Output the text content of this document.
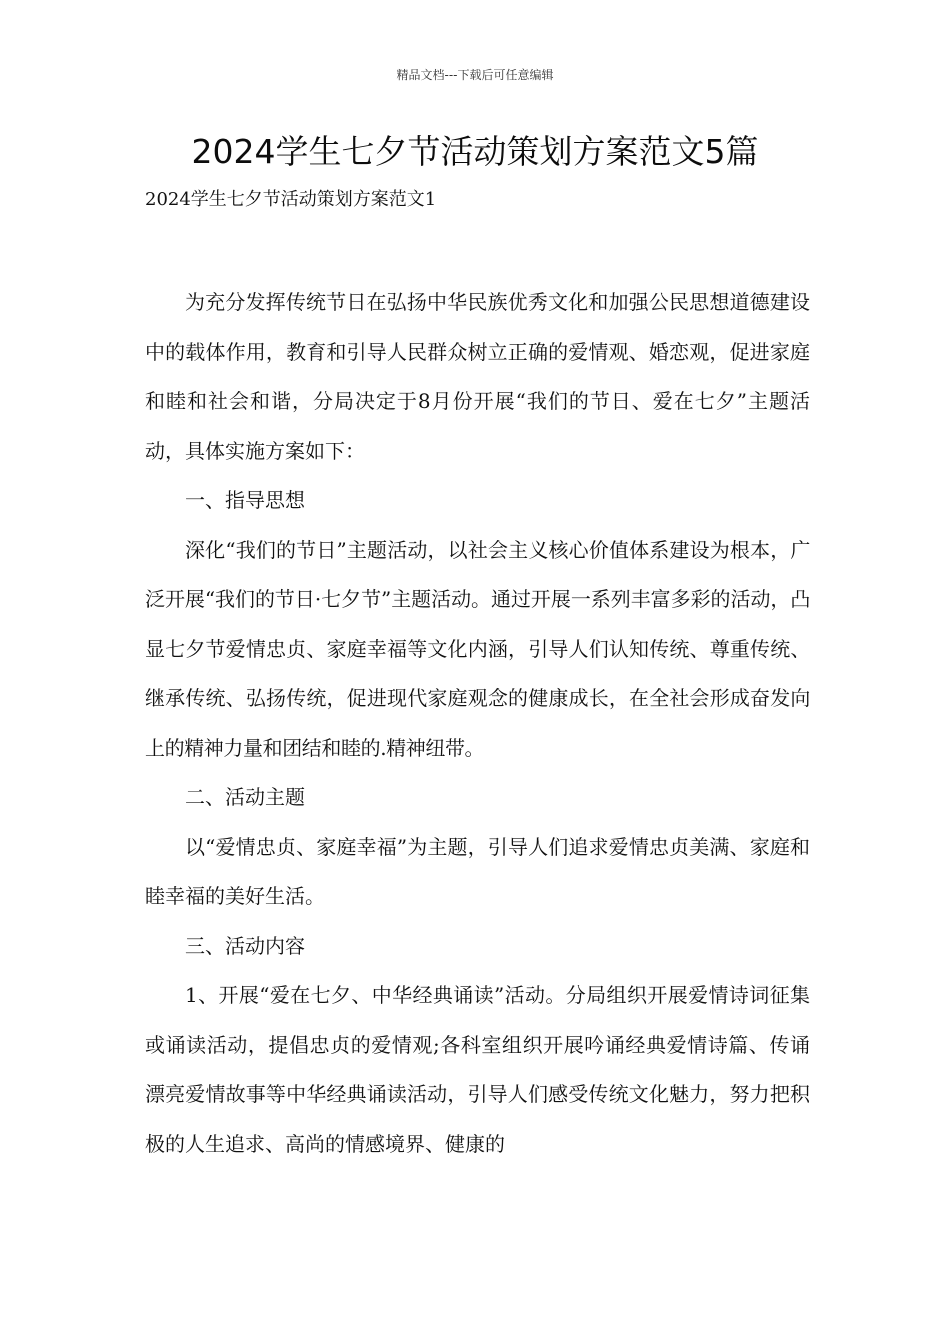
精品文档---下载后可任意编辑
2024学生七夕节活动策划方案范文5篇

2024学生七夕节活动策划方案范文1

为充分发挥传统节日在弘扬中华民族优秀文化和加强公民思想道德建设中的载体作用，教育和引导人民群众树立正确的爱情观、婚恋观，促进家庭和睦和社会和谐，分局决定于8月份开展“我们的节日、爱在七夕”主题活动，具体实施方案如下：

一、指导思想

深化“我们的节日”主题活动，以社会主义核心价值体系建设为根本，广泛开展“我们的节日·七夕节”主题活动。通过开展一系列丰富多彩的活动，凸显七夕节爱情忠贞、家庭幸福等文化内涵，引导人们认知传统、尊重传统、继承传统、弘扬传统，促进现代家庭观念的健康成长，在全社会形成奋发向上的精神力量和团结和睦的.精神纽带。

二、活动主题

以“爱情忠贞、家庭幸福”为主题，引导人们追求爱情忠贞美满、家庭和睦幸福的美好生活。

三、活动内容

1、开展“爱在七夕、中华经典诵读”活动。分局组织开展爱情诗词征集或诵读活动，提倡忠贞的爱情观;各科室组织开展吟诵经典爱情诗篇、传诵漂亮爱情故事等中华经典诵读活动，引导人们感受传统文化魅力，努力把积极的人生追求、高尚的情感境界、健康的
